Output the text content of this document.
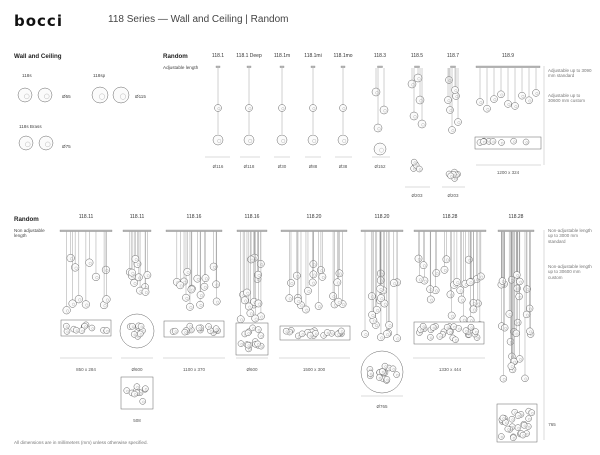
bocci	118 Series — Wall and Ceiling | Random
Wall and Ceiling
118s
Ø55
118sp
Ø115
118s Brass
Ø75
Random
Adjustable length
Adjustable up to 3090 mm standard
Adjustable up to 30600 mm custom
Random
Non adjustable length
Non-adjustable length up to 3000 mm standard
Non-adjustable length up to 30600 mm custom
All dimensions are in millimeters (mm) unless otherwise specified.
118.1	118.1 Deep	118.1m	118.1mi	118.1mo	118.3	118.5	118.7	118.9
Ø116	Ø118	Ø30	Ø88	Ø38	Ø152
Ø203	Ø203
1200 x 324
118.11	118.11	118.16	118.16	118.20	118.20	118.28	118.28
850 x 284	Ø600
508
1100 x 370	Ø600	1500 x 300
Ø765
1330 x 444
765
